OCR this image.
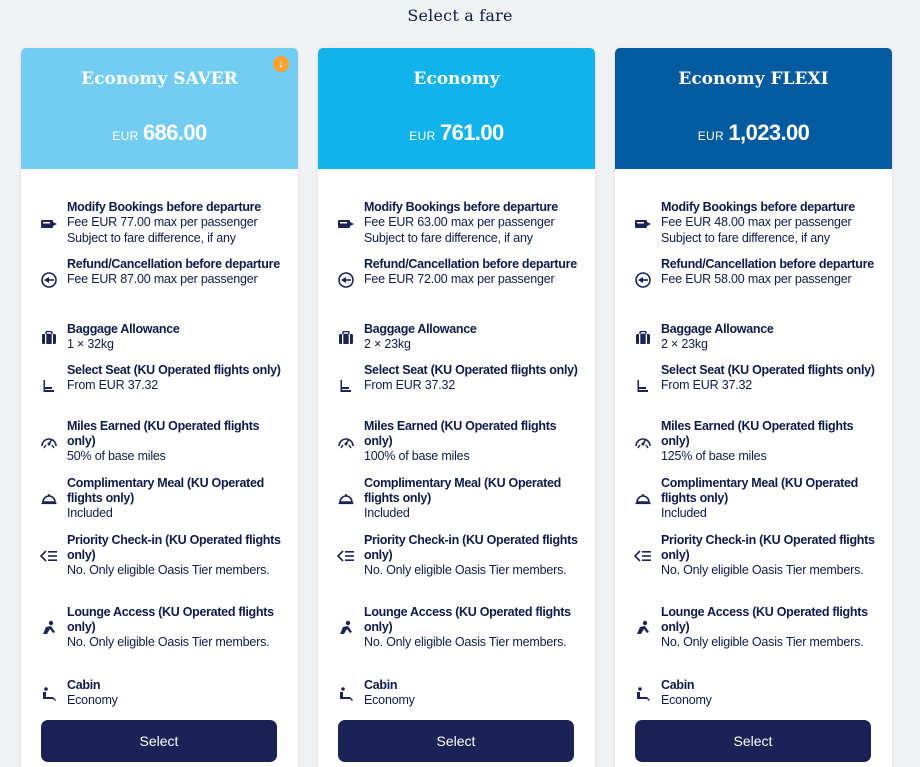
Select a fare
↓
Economy SAVER
EUR 686.00
Modify Bookings before departure
Fee EUR 77.00 max per passenger
Subject to fare difference, if any
Refund/Cancellation before departure
Fee EUR 87.00 max per passenger
Baggage Allowance
1 × 32kg
Select Seat (KU Operated flights only)
From EUR 37.32
Miles Earned (KU Operated flights only)
50% of base miles
Complimentary Meal (KU Operated flights only)
Included
Priority Check-in (KU Operated flights only)
No. Only eligible Oasis Tier members.
Lounge Access (KU Operated flights only)
No. Only eligible Oasis Tier members.
Cabin
Economy
Select
Economy
EUR 761.00
Modify Bookings before departure
Fee EUR 63.00 max per passenger
Subject to fare difference, if any
Refund/Cancellation before departure
Fee EUR 72.00 max per passenger
Baggage Allowance
2 × 23kg
Select Seat (KU Operated flights only)
From EUR 37.32
Miles Earned (KU Operated flights only)
100% of base miles
Complimentary Meal (KU Operated flights only)
Included
Priority Check-in (KU Operated flights only)
No. Only eligible Oasis Tier members.
Lounge Access (KU Operated flights only)
No. Only eligible Oasis Tier members.
Cabin
Economy
Select
Economy FLEXI
EUR 1,023.00
Modify Bookings before departure
Fee EUR 48.00 max per passenger
Subject to fare difference, if any
Refund/Cancellation before departure
Fee EUR 58.00 max per passenger
Baggage Allowance
2 × 23kg
Select Seat (KU Operated flights only)
From EUR 37.32
Miles Earned (KU Operated flights only)
125% of base miles
Complimentary Meal (KU Operated flights only)
Included
Priority Check-in (KU Operated flights only)
No. Only eligible Oasis Tier members.
Lounge Access (KU Operated flights only)
No. Only eligible Oasis Tier members.
Cabin
Economy
Select
